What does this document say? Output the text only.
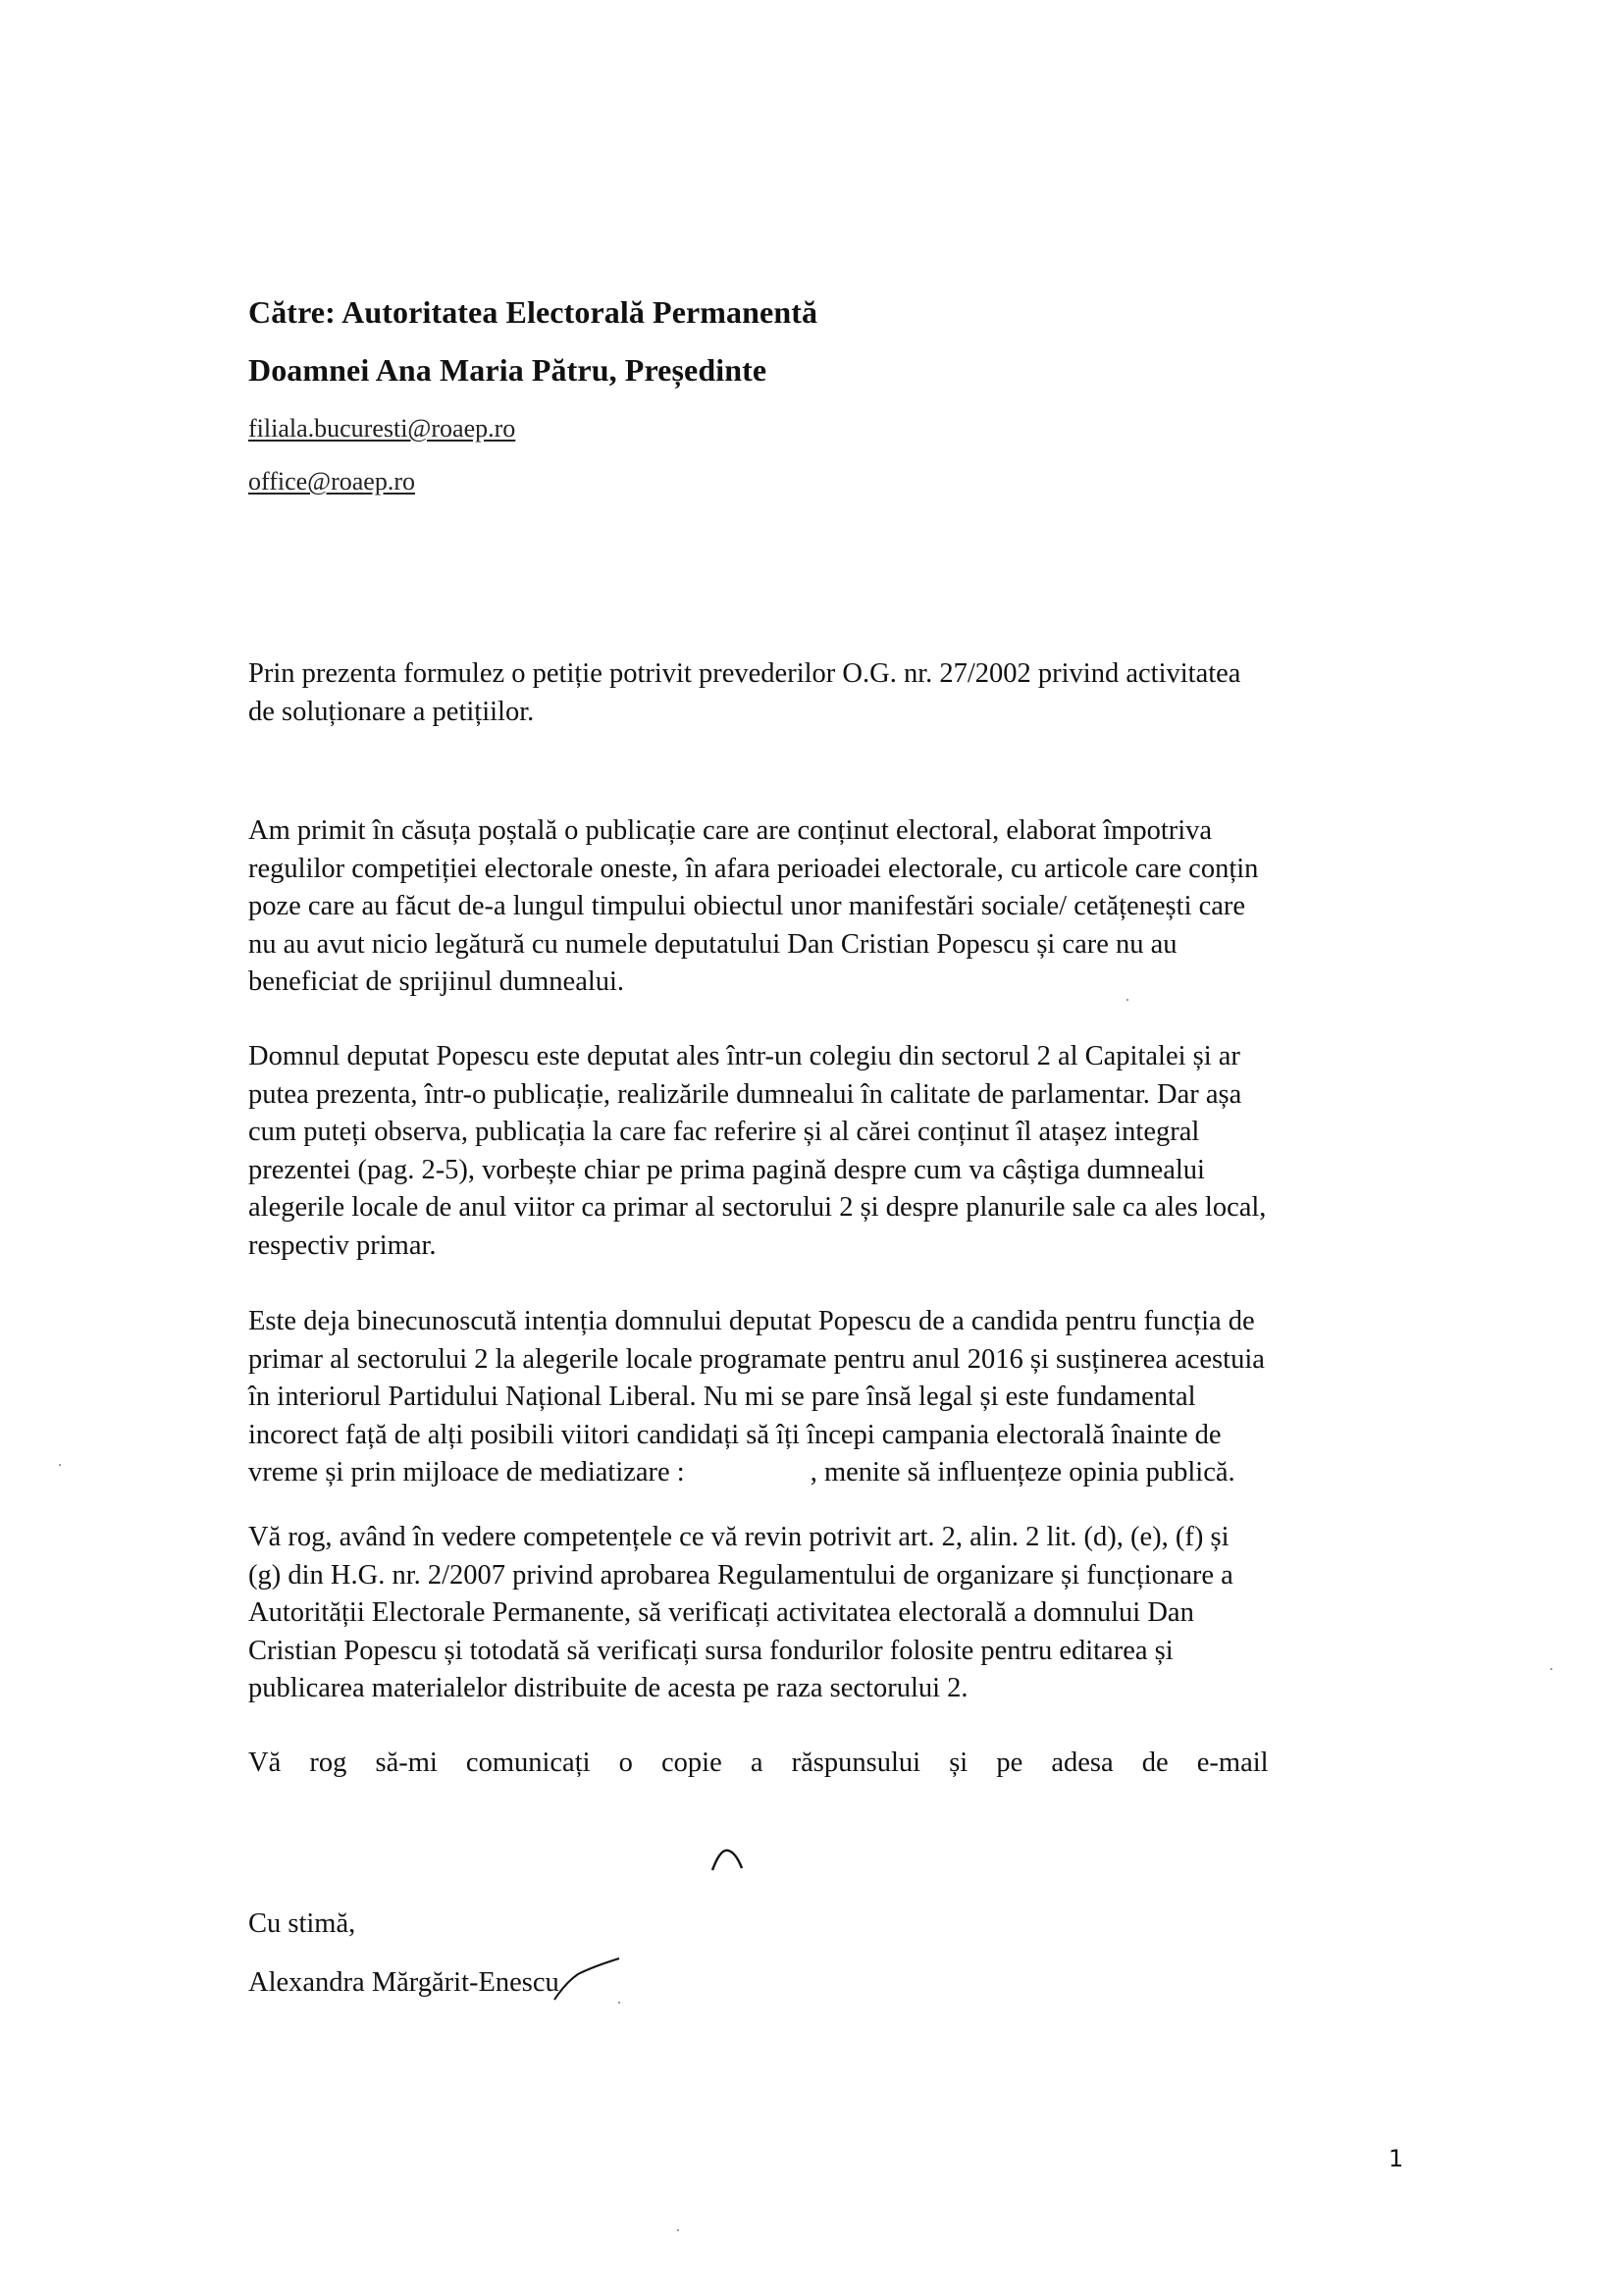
Către: Autoritatea Electorală Permanentă
Doamnei Ana Maria Pătru, Președinte
filiala.bucuresti@roaep.ro
office@roaep.ro
Prin prezenta formulez o petiție potrivit prevederilor O.G. nr. 27/2002 privind activitatea
de soluționare a petițiilor.
Am primit în căsuța poștală o publicație care are conținut electoral, elaborat împotriva
regulilor competiției electorale oneste, în afara perioadei electorale, cu articole care conțin
poze care au făcut de-a lungul timpului obiectul unor manifestări sociale/ cetățenești care
nu au avut nicio legătură cu numele deputatului Dan Cristian Popescu și care nu au
beneficiat de sprijinul dumnealui.
Domnul deputat Popescu este deputat ales într-un colegiu din sectorul 2 al Capitalei și ar
putea prezenta, într-o publicație, realizările dumnealui în calitate de parlamentar. Dar așa
cum puteți observa, publicația la care fac referire și al cărei conținut îl atașez integral
prezentei (pag. 2-5), vorbește chiar pe prima pagină despre cum va câștiga dumnealui
alegerile locale de anul viitor ca primar al sectorului 2 și despre planurile sale ca ales local,
respectiv primar.
Este deja binecunoscută intenția domnului deputat Popescu de a candida pentru funcția de
primar al sectorului 2 la alegerile locale programate pentru anul 2016 și susținerea acestuia
în interiorul Partidului Național Liberal. Nu mi se pare însă legal și este fundamental
incorect față de alți posibili viitori candidați să îți începi campania electorală înainte de
vreme și prin mijloace de mediatizare :	, menite să influențeze opinia publică.
Vă rog, având în vedere competențele ce vă revin potrivit art. 2, alin. 2 lit. (d), (e), (f) și
(g) din H.G. nr. 2/2007 privind aprobarea Regulamentului de organizare și funcționare a
Autorității Electorale Permanente, să verificați activitatea electorală a domnului Dan
Cristian Popescu și totodată să verificați sursa fondurilor folosite pentru editarea și
publicarea materialelor distribuite de acesta pe raza sectorului 2.
Vă rog să-mi comunicați o copie a răspunsului și pe adesa de e-mail
Cu stimă,
Alexandra Mărgărit-Enescu
1
